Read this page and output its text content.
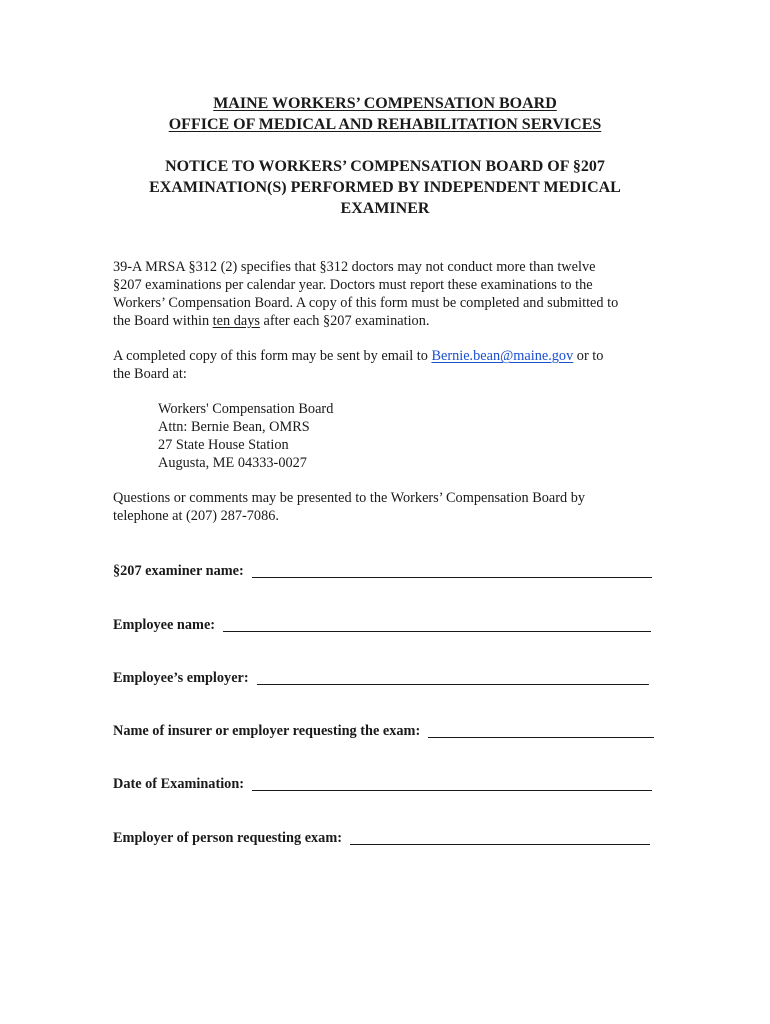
MAINE WORKERS’ COMPENSATION BOARD
OFFICE OF MEDICAL AND REHABILITATION SERVICES
NOTICE TO WORKERS’ COMPENSATION BOARD OF §207
EXAMINATION(S) PERFORMED BY INDEPENDENT MEDICAL
EXAMINER
39-A MRSA §312 (2) specifies that §312 doctors may not conduct more than twelve
§207 examinations per calendar year. Doctors must report these examinations to the
Workers’ Compensation Board. A copy of this form must be completed and submitted to
the Board within ten days after each §207 examination.
A completed copy of this form may be sent by email to Bernie.bean@maine.gov or to
the Board at:
Workers' Compensation Board
Attn: Bernie Bean, OMRS
27 State House Station
Augusta, ME 04333-0027
Questions or comments may be presented to the Workers’ Compensation Board by
telephone at (207) 287-7086.
§207 examiner name:
Employee name:
Employee’s employer:
Name of insurer or employer requesting the exam:
Date of Examination:
Employer of person requesting exam:
